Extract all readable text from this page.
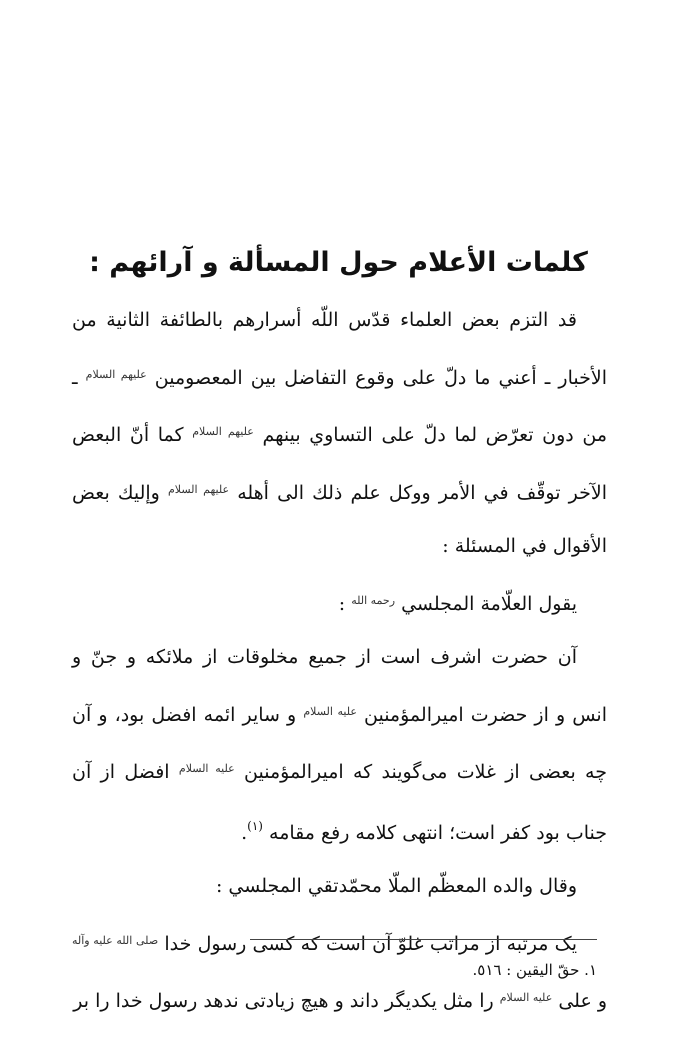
كلمات الأعلام حول المسألة و آرائهم :

قد التزم بعض العلماء قدّس اللّه أسرارهم بالطائفة الثانية من الأخبار ـ أعني ما دلّ على وقوع التفاضل بين المعصومين $^{عليهم السلام}$ ـ من دون تعرّض لما دلّ على التساوي بينهم $^{عليهم السلام}$ كما أنّ البعض الآخر توقّف في الأمر ووكل علم ذلك الى أهله $^{عليهم السلام}$ وإليك بعض الأقوال في المسئلة :

يقول العلّامة المجلسي $^{رحمه الله}$ :

آن حضرت اشرف است از جميع مخلوقات از ملائكه و جنّ و انس و از حضرت اميرالمؤمنين $^{عليه السلام}$ و ساير ائمه افضل بود، و آن چه بعضى از غلات مى‌گويند كه اميرالمؤمنين $^{عليه السلام}$ افضل از آن جناب بود كفر است؛ انتهى كلامه رفع مقامه $^{(١)}$.

وقال والده المعظّم الملّا محمّدتقي المجلسي :

يک مرتبه از مراتب غلوّ آن است كه كسى رسول خدا $^{صلى الله عليه وآله}$ و على $^{عليه السلام}$ را مثل يكديگر داند و هيچ زيادتى ندهد رسول خدا را بر

١. حقّ اليقين : ٥١٦.
